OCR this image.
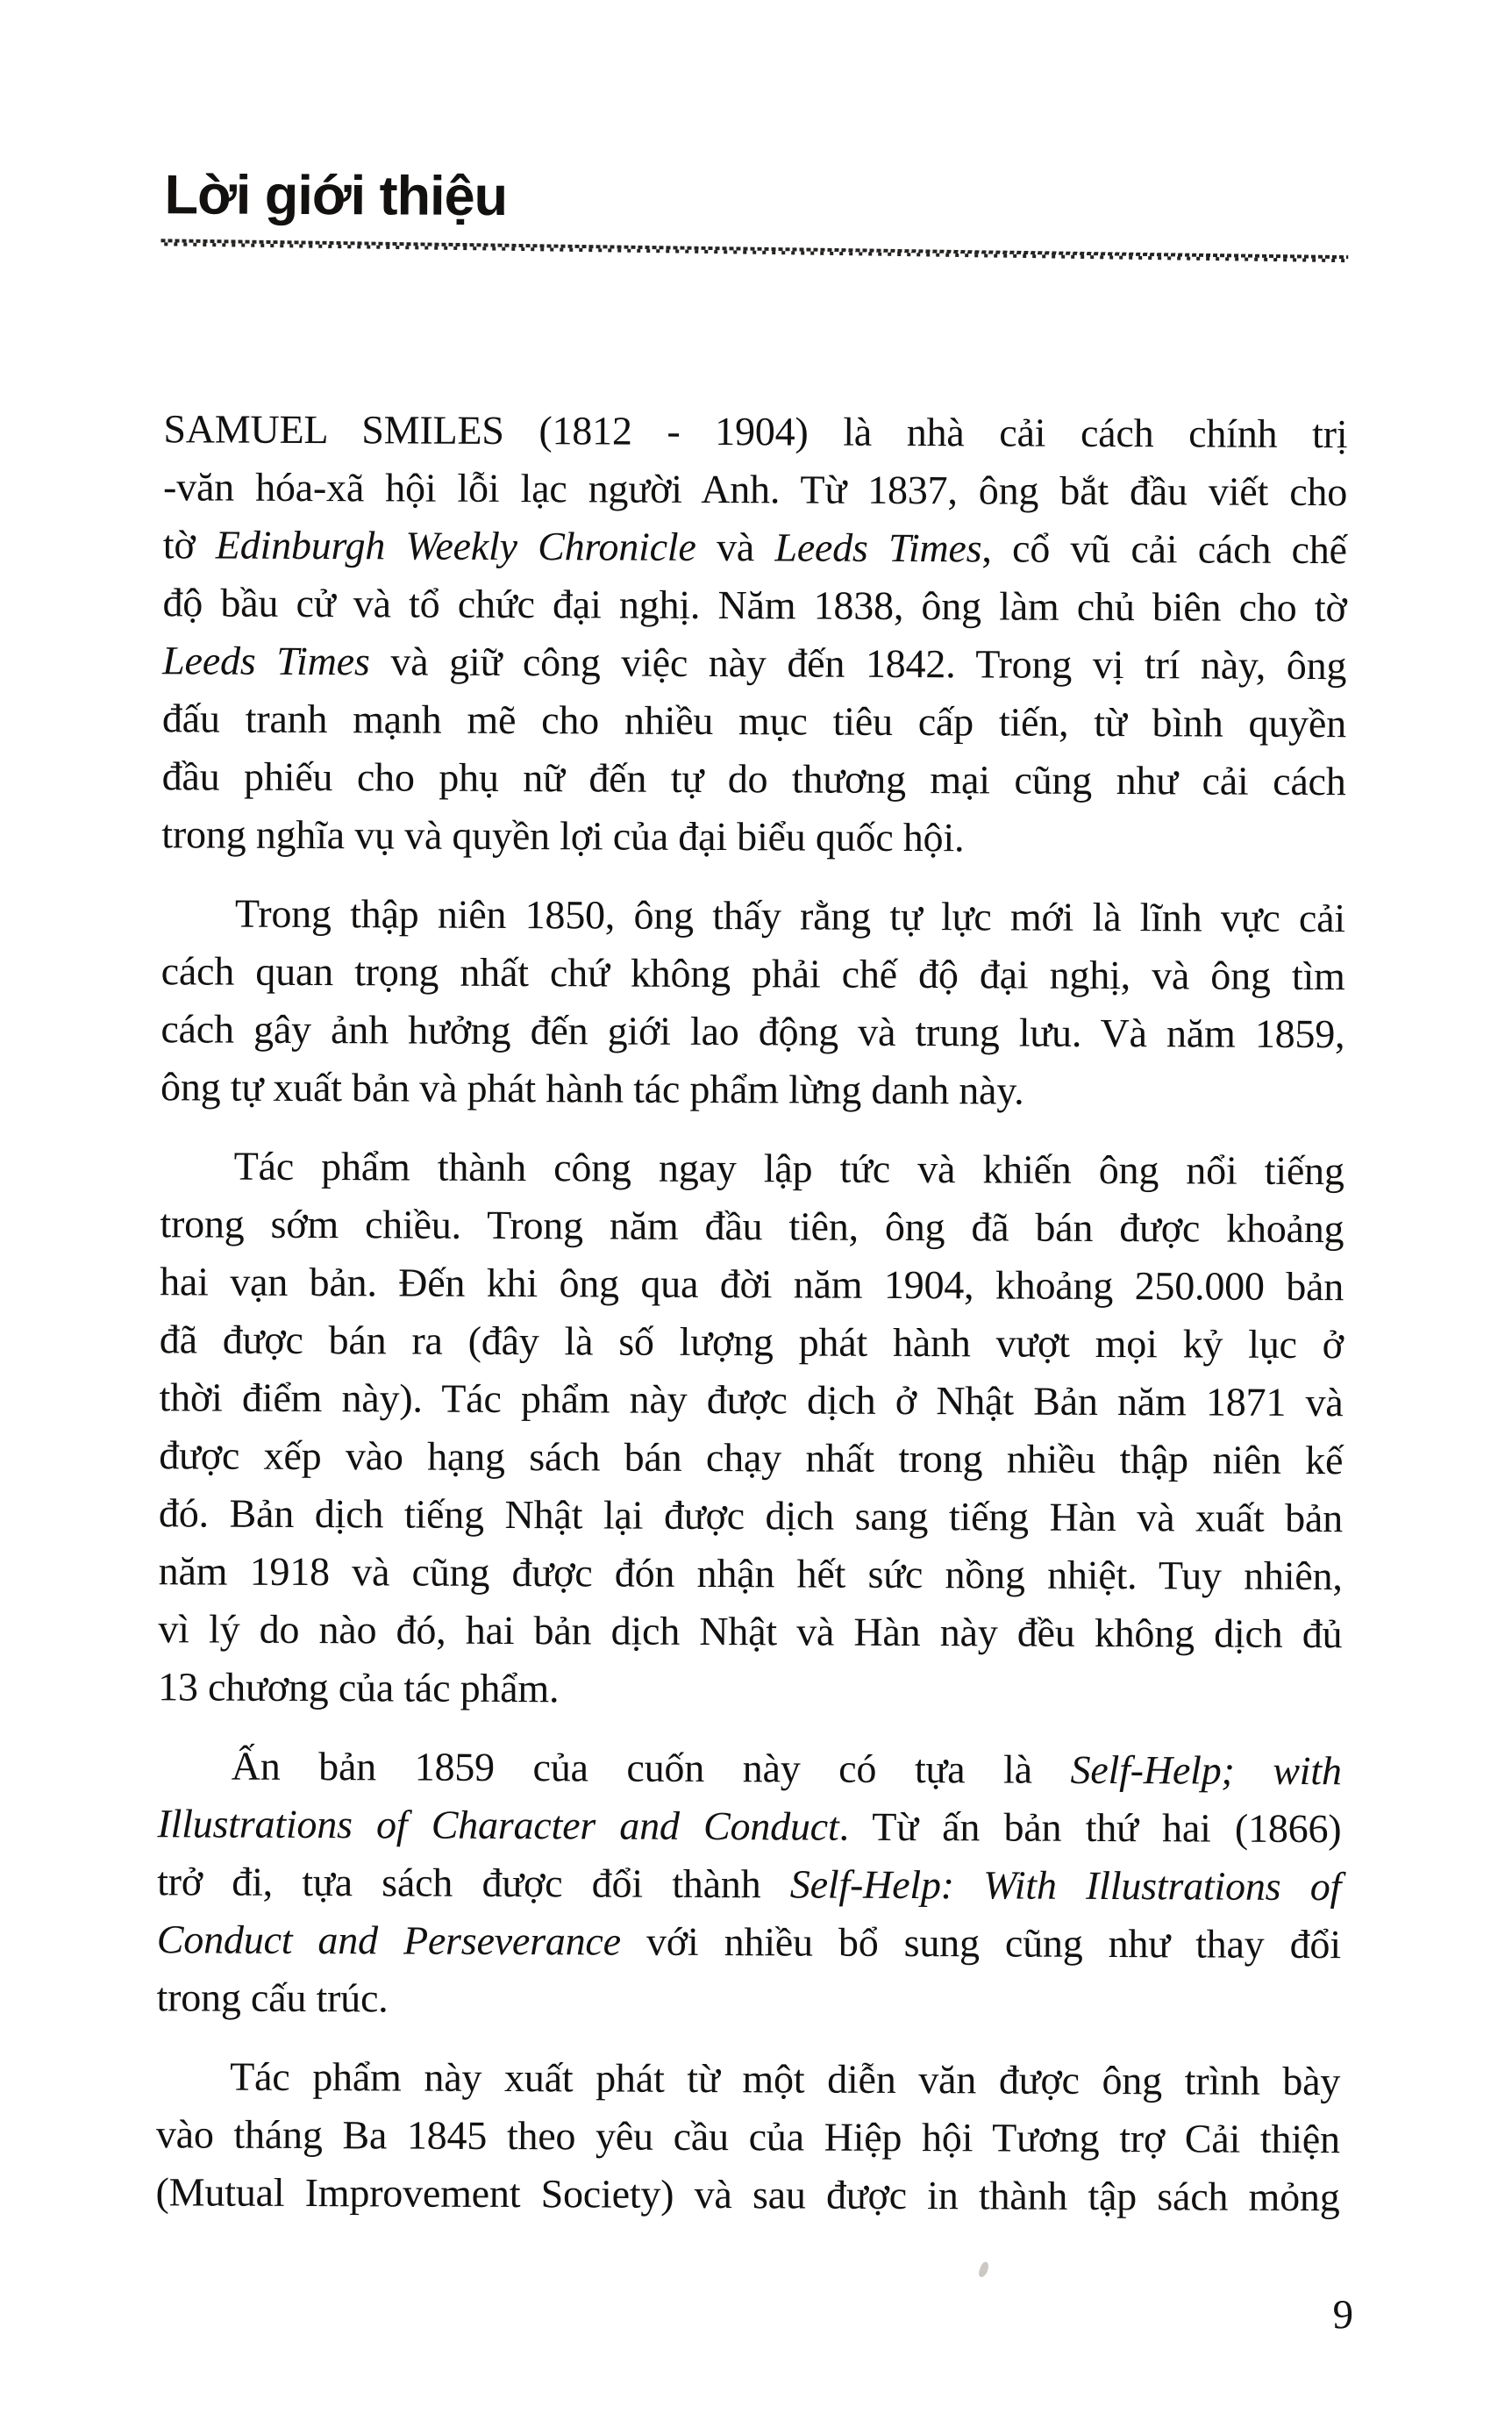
Lời giới thiệu
SAMUEL SMILES (1812 - 1904) là nhà cải cách chính trị
-văn hóa-xã hội lỗi lạc người Anh. Từ 1837, ông bắt đầu viết cho
tờ Edinburgh Weekly Chronicle và Leeds Times, cổ vũ cải cách chế
độ bầu cử và tổ chức đại nghị. Năm 1838, ông làm chủ biên cho tờ
Leeds Times và giữ công việc này đến 1842. Trong vị trí này, ông
đấu tranh mạnh mẽ cho nhiều mục tiêu cấp tiến, từ bình quyền
đầu phiếu cho phụ nữ đến tự do thương mại cũng như cải cách
trong nghĩa vụ và quyền lợi của đại biểu quốc hội.
Trong thập niên 1850, ông thấy rằng tự lực mới là lĩnh vực cải
cách quan trọng nhất chứ không phải chế độ đại nghị, và ông tìm
cách gây ảnh hưởng đến giới lao động và trung lưu. Và năm 1859,
ông tự xuất bản và phát hành tác phẩm lừng danh này.
Tác phẩm thành công ngay lập tức và khiến ông nổi tiếng
trong sớm chiều. Trong năm đầu tiên, ông đã bán được khoảng
hai vạn bản. Đến khi ông qua đời năm 1904, khoảng 250.000 bản
đã được bán ra (đây là số lượng phát hành vượt mọi kỷ lục ở
thời điểm này). Tác phẩm này được dịch ở Nhật Bản năm 1871 và
được xếp vào hạng sách bán chạy nhất trong nhiều thập niên kế
đó. Bản dịch tiếng Nhật lại được dịch sang tiếng Hàn và xuất bản
năm 1918 và cũng được đón nhận hết sức nồng nhiệt. Tuy nhiên,
vì lý do nào đó, hai bản dịch Nhật và Hàn này đều không dịch đủ
13 chương của tác phẩm.
Ấn bản 1859 của cuốn này có tựa là Self-Help; with
Illustrations of Character and Conduct. Từ ấn bản thứ hai (1866)
trở đi, tựa sách được đổi thành Self-Help: With Illustrations of
Conduct and Perseverance với nhiều bổ sung cũng như thay đổi
trong cấu trúc.
Tác phẩm này xuất phát từ một diễn văn được ông trình bày
vào tháng Ba 1845 theo yêu cầu của Hiệp hội Tương trợ Cải thiện
(Mutual Improvement Society) và sau được in thành tập sách mỏng
9
